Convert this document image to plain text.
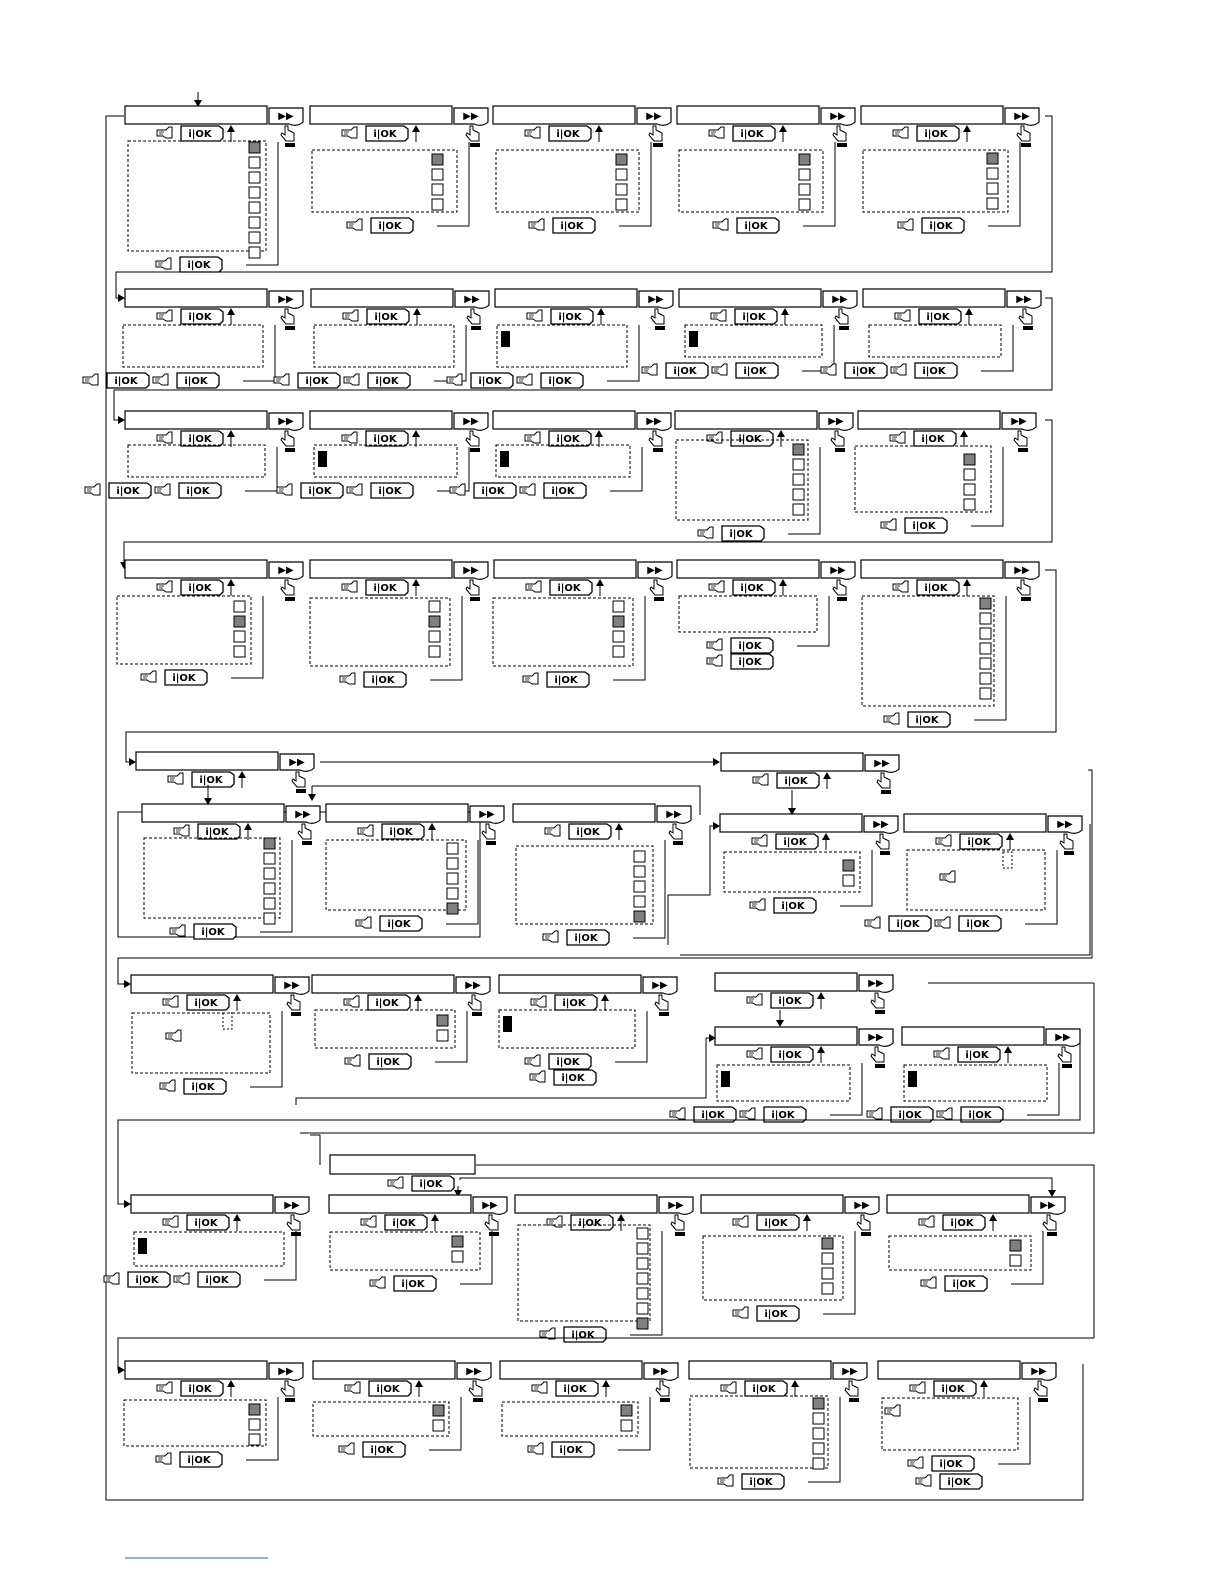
▶▶
i|OK
i|OK
▶▶
i|OK
i|OK
▶▶
i|OK
i|OK
▶▶
i|OK
i|OK
▶▶
i|OK
i|OK
▶▶
i|OK
i|OK
i|OK
▶▶
i|OK
i|OK
i|OK
▶▶
i|OK
i|OK
i|OK
▶▶
i|OK
i|OK
i|OK
▶▶
i|OK
i|OK
i|OK
▶▶
i|OK
i|OK
i|OK
▶▶
i|OK
i|OK
i|OK
▶▶
i|OK
i|OK
i|OK
▶▶
i|OK
i|OK
▶▶
i|OK
i|OK
▶▶
i|OK
i|OK
▶▶
i|OK
i|OK
▶▶
i|OK
i|OK
▶▶
i|OK
i|OK
i|OK
▶▶
i|OK
i|OK
▶▶
i|OK
▶▶
i|OK
▶▶
i|OK
i|OK
▶▶
i|OK
i|OK
▶▶
i|OK
i|OK
▶▶
i|OK
i|OK
▶▶
i|OK
i|OK
i|OK
▶▶
i|OK
i|OK
▶▶
i|OK
i|OK
▶▶
i|OK
i|OK
i|OK
▶▶
i|OK
▶▶
i|OK
i|OK
i|OK
▶▶
i|OK
i|OK
i|OK
i|OK
▶▶
i|OK
i|OK
i|OK
▶▶
i|OK
i|OK
▶▶
i|OK
i|OK
▶▶
i|OK
i|OK
▶▶
i|OK
i|OK
▶▶
i|OK
i|OK
▶▶
i|OK
i|OK
▶▶
i|OK
i|OK
▶▶
i|OK
i|OK
▶▶
i|OK
i|OK
i|OK
